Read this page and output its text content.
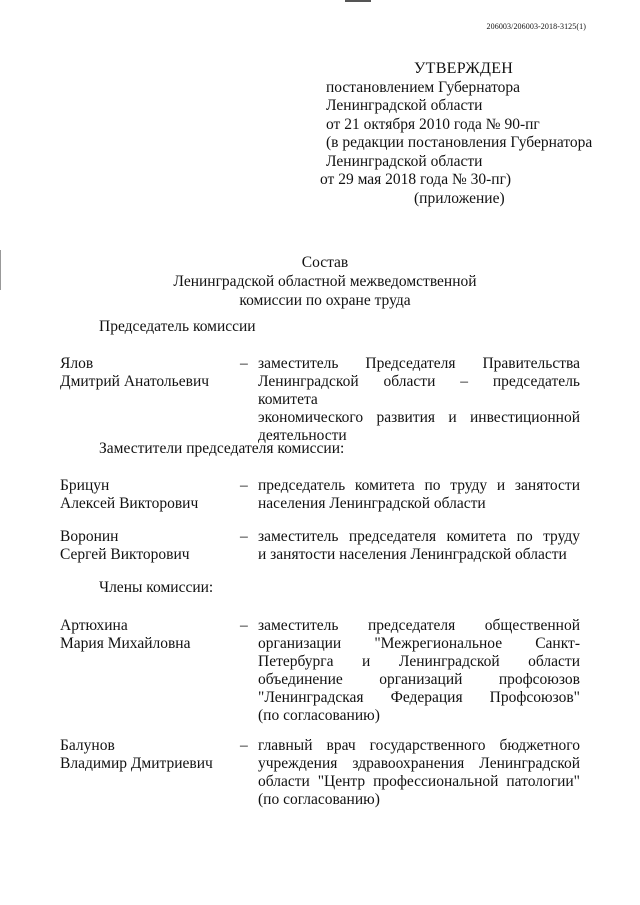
206003/206003-2018-3125(1)
УТВЕРЖДЕН
постановлением Губернатора
Ленинградской области
от 21 октября 2010 года № 90-пг
(в редакции постановления Губернатора
Ленинградской области
от 29 мая 2018 года № 30-пг)
(приложение)
Состав
Ленинградской областной межведомственной
комиссии по охране труда
Председатель комиссии
Ялов
Дмитрий Анатольевич
– заместитель Председателя Правительства
Ленинградской области – председатель комитета
экономического развития и инвестиционной
деятельности
Заместители председателя комиссии:
Брицун
Алексей Викторович
– председатель комитета по труду и занятости
населения Ленинградской области
Воронин
Сергей Викторович
– заместитель председателя комитета по труду
и занятости населения Ленинградской области
Члены комиссии:
Артюхина
Мария Михайловна
– заместитель председателя общественной
организации "Межрегиональное Санкт-
Петербурга и Ленинградской области
объединение организаций профсоюзов
"Ленинградская Федерация Профсоюзов"
(по согласованию)
Балунов
Владимир Дмитриевич
– главный врач государственного бюджетного
учреждения здравоохранения Ленинградской
области "Центр профессиональной патологии"
(по согласованию)
